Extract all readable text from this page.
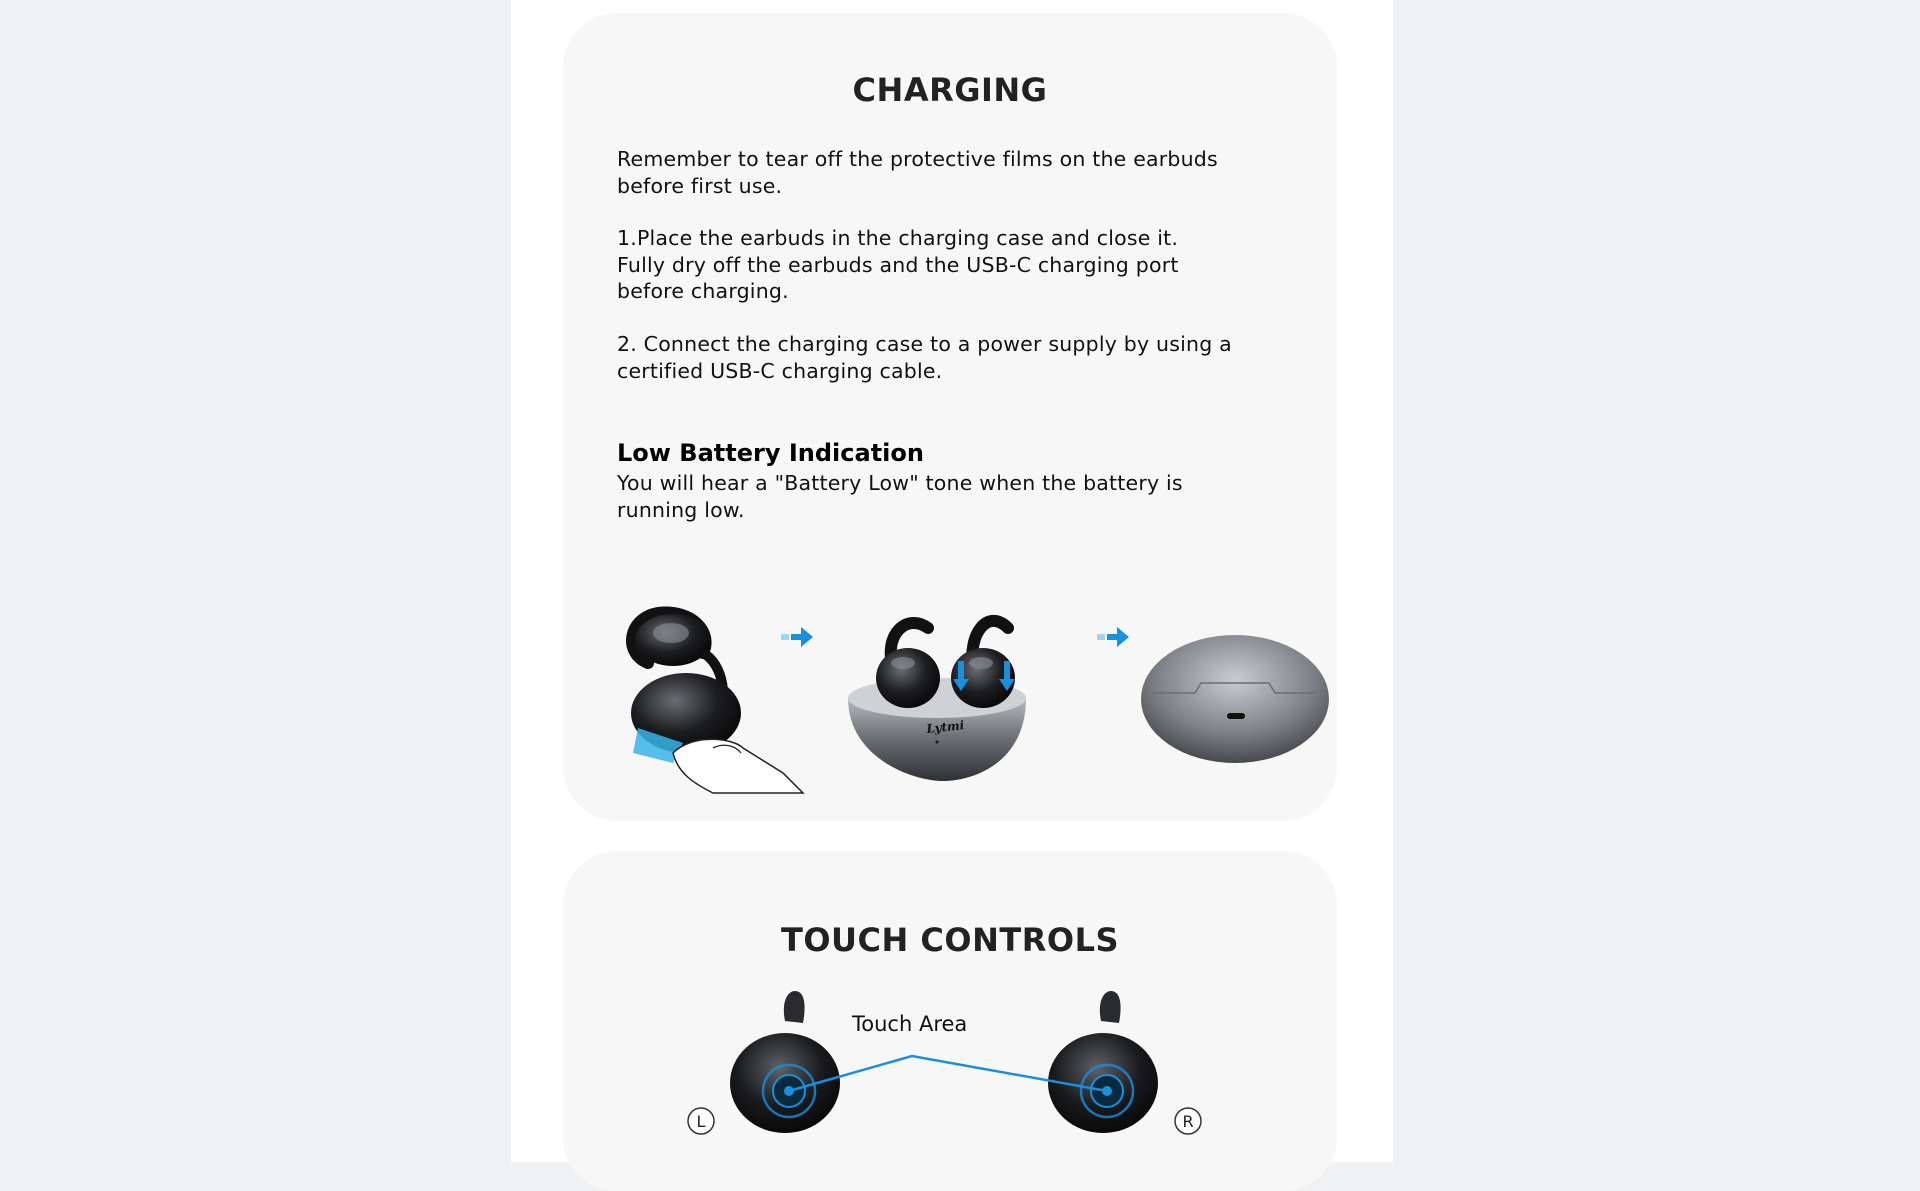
CHARGING

Remember to tear off the protective films on the earbuds
before first use.

1.Place the earbuds in the charging case and close it.
Fully dry off the earbuds and the USB-C charging port
before charging.

2. Connect the charging case to a power supply by using a
certified USB-C charging cable.

Low Battery Indication

You will hear a "Battery Low" tone when the battery is
running low.

Lytmi
TOUCH CONTROLS
Touch Area
L	R
